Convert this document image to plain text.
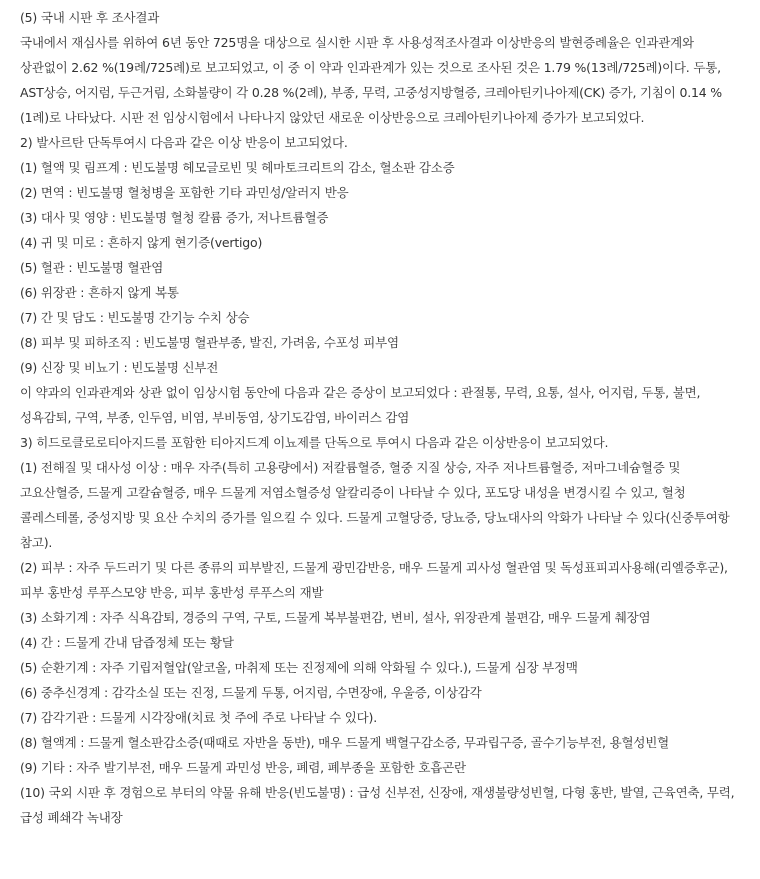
(5) 국내 시판 후 조사결과

국내에서 재심사를 위하여 6년 동안 725명을 대상으로 실시한 시판 후 사용성적조사결과 이상반응의 발현증례율은 인과관계와 상관없이 2.62 %(19례/725례)로 보고되었고, 이 중 이 약과 인과관계가 있는 것으로 조사된 것은 1.79 %(13례/725례)이다. 두통, AST상승, 어지럼, 두근거림, 소화불량이 각 0.28 %(2례), 부종, 무력, 고중성지방혈증, 크레아틴키나아제(CK) 증가, 기침이 0.14 %(1례)로 나타났다. 시판 전 임상시험에서 나타나지 않았던 새로운 이상반응으로 크레아틴키나아제 증가가 보고되었다.

2) 발사르탄 단독투여시 다음과 같은 이상 반응이 보고되었다.

(1) 혈액 및 림프계 : 빈도불명 헤모글로빈 및 헤마토크리트의 감소, 혈소판 감소증

(2) 면역 : 빈도불명 혈청병을 포함한 기타 과민성/알러지 반응

(3) 대사 및 영양 : 빈도불명 혈청 칼륨 증가, 저나트륨혈증

(4) 귀 및 미로 : 흔하지 않게 현기증(vertigo)

(5) 혈관 : 빈도불명 혈관염

(6) 위장관 : 흔하지 않게 복통

(7) 간 및 담도 : 빈도불명 간기능 수치 상승

(8) 피부 및 피하조직 : 빈도불명 혈관부종, 발진, 가려움, 수포성 피부염

(9) 신장 및 비뇨기 : 빈도불명 신부전

이 약과의 인과관계와 상관 없이 임상시험 동안에 다음과 같은 증상이 보고되었다 : 관절통, 무력, 요통, 설사, 어지럼, 두통, 불면, 성욕감퇴, 구역, 부종, 인두염, 비염, 부비동염, 상기도감염, 바이러스 감염

3) 히드로클로로티아지드를 포함한 티아지드계 이뇨제를 단독으로 투여시 다음과 같은 이상반응이 보고되었다.

(1) 전해질 및 대사성 이상 : 매우 자주(특히 고용량에서) 저칼륨혈증, 혈중 지질 상승, 자주 저나트륨혈증, 저마그네슘혈증 및 고요산혈증, 드물게 고칼슘혈증, 매우 드물게 저염소혈증성 알칼리증이 나타날 수 있다, 포도당 내성을 변경시킬 수 있고, 혈청 콜레스테롤, 중성지방 및 요산 수치의 증가를 일으킬 수 있다. 드물게 고혈당증, 당뇨증, 당뇨대사의 악화가 나타날 수 있다(신중투여항 참고).

(2) 피부 : 자주 두드러기 및 다른 종류의 피부발진, 드물게 광민감반응, 매우 드물게 괴사성 혈관염 및 독성표피괴사용해(리엘증후군), 피부 홍반성 루푸스모양 반응, 피부 홍반성 루푸스의 재발

(3) 소화기계 : 자주 식욕감퇴, 경증의 구역, 구토, 드물게 복부불편감, 변비, 설사, 위장관계 불편감, 매우 드물게 췌장염

(4) 간 : 드물게 간내 담즙정체 또는 황달

(5) 순환기계 : 자주 기립저혈압(알코올, 마취제 또는 진정제에 의해 악화될 수 있다.), 드물게 심장 부정맥

(6) 중추신경계 : 감각소실 또는 진정, 드물게 두통, 어지럼, 수면장애, 우울증, 이상감각

(7) 감각기관 : 드물게 시각장애(치료 첫 주에 주로 나타날 수 있다).

(8) 혈액계 : 드물게 혈소판감소증(때때로 자반을 동반), 매우 드물게 백혈구감소증, 무과립구증, 골수기능부전, 용혈성빈혈

(9) 기타 : 자주 발기부전, 매우 드물게 과민성 반응, 폐렴, 폐부종을 포함한 호흡곤란

(10) 국외 시판 후 경험으로 부터의 약물 유해 반응(빈도불명) : 급성 신부전, 신장애, 재생불량성빈혈, 다형 홍반, 발열, 근육연축, 무력, 급성 폐쇄각 녹내장
